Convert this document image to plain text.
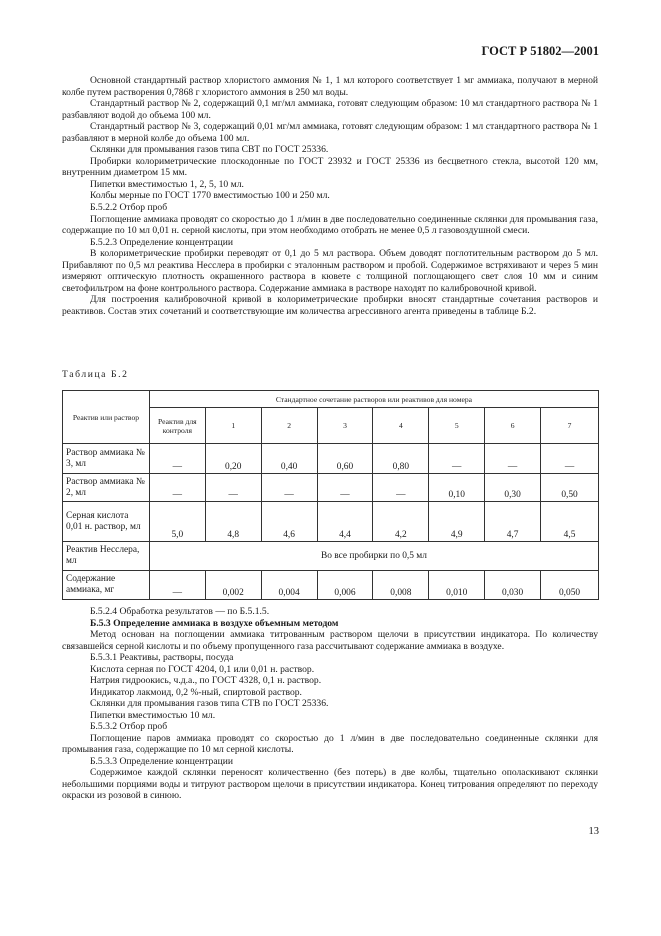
ГОСТ Р 51802—2001

Основной стандартный раствор хлористого аммония № 1, 1 мл которого соответствует 1 мг аммиака, получают в мерной колбе путем растворения 0,7868 г хлористого аммония в 250 мл воды.

Стандартный раствор № 2, содержащий 0,1 мг/мл аммиака, готовят следующим образом: 10 мл стандартного раствора № 1 разбавляют водой до объема 100 мл.

Стандартный раствор № 3, содержащий 0,01 мг/мл аммиака, готовят следующим образом: 1 мл стандартного раствора № 1 разбавляют в мерной колбе до объема 100 мл.

Склянки для промывания газов типа СВТ по ГОСТ 25336.

Пробирки колориметрические плоскодонные по ГОСТ 23932 и ГОСТ 25336 из бесцветного стекла, высотой 120 мм, внутренним диаметром 15 мм.

Пипетки вместимостью 1, 2, 5, 10 мл.

Колбы мерные по ГОСТ 1770 вместимостью 100 и 250 мл.

Б.5.2.2 Отбор проб

Поглощение аммиака проводят со скоростью до 1 л/мин в две последовательно соединенные склянки для промывания газа, содержащие по 10 мл 0,01 н. серной кислоты, при этом необходимо отобрать не менее 0,5 л газовоздушной смеси.

Б.5.2.3 Определение концентрации

В колориметрические пробирки переводят от 0,1 до 5 мл раствора. Объем доводят поглотительным раствором до 5 мл. Прибавляют по 0,5 мл реактива Несслера в пробирки с эталонным раствором и пробой. Содержимое встряхивают и через 5 мин измеряют оптическую плотность окрашенного раствора в кювете с толщиной поглощающего свет слоя 10 мм и синим светофильтром на фоне контрольного раствора. Содержание аммиака в растворе находят по калибровочной кривой.

Для построения калибровочной кривой в колориметрические пробирки вносят стандартные сочетания растворов и реактивов. Состав этих сочетаний и соответствующие им количества агрессивного агента приведены в таблице Б.2.

Таблица Б.2
Реактив или раствор	Стандартное сочетание растворов или реактивов для номера							
	Реактив для контроля	1	2	3	4	5	6	7
Раствор аммиака № 3, мл	—	0,20	0,40	0,60	0,80	—	—	—
Раствор аммиака № 2, мл	—	—	—	—	—	0,10	0,30	0,50
Серная кислота 0,01 н. раствор, мл	5,0	4,8	4,6	4,4	4,2	4,9	4,7	4,5
Реактив Несслера, мл	Во все пробирки по 0,5 мл							
Содержание аммиака, мг	—	0,002	0,004	0,006	0,008	0,010	0,030	0,050

Б.5.2.4 Обработка результатов — по Б.5.1.5.

Б.5.3 Определение аммиака в воздухе объемным методом

Метод основан на поглощении аммиака титрованным раствором щелочи в присутствии индикатора. По количеству связавшейся серной кислоты и по объему пропущенного газа рассчитывают содержание аммиака в воздухе.

Б.5.3.1 Реактивы, растворы, посуда

Кислота серная по ГОСТ 4204, 0,1 или 0,01 н. раствор.

Натрия гидроокись, ч.д.а., по ГОСТ 4328, 0,1 н. раствор.

Индикатор лакмоид, 0,2 %-ный, спиртовой раствор.

Склянки для промывания газов типа СТВ по ГОСТ 25336.

Пипетки вместимостью 10 мл.

Б.5.3.2 Отбор проб

Поглощение паров аммиака проводят со скоростью до 1 л/мин в две последовательно соединенные склянки для промывания газа, содержащие по 10 мл серной кислоты.

Б.5.3.3 Определение концентрации

Содержимое каждой склянки переносят количественно (без потерь) в две колбы, тщательно ополаскивают склянки небольшими порциями воды и титруют раствором щелочи в присутствии индикатора. Конец титрования определяют по переходу окраски из розовой в синюю.

13
